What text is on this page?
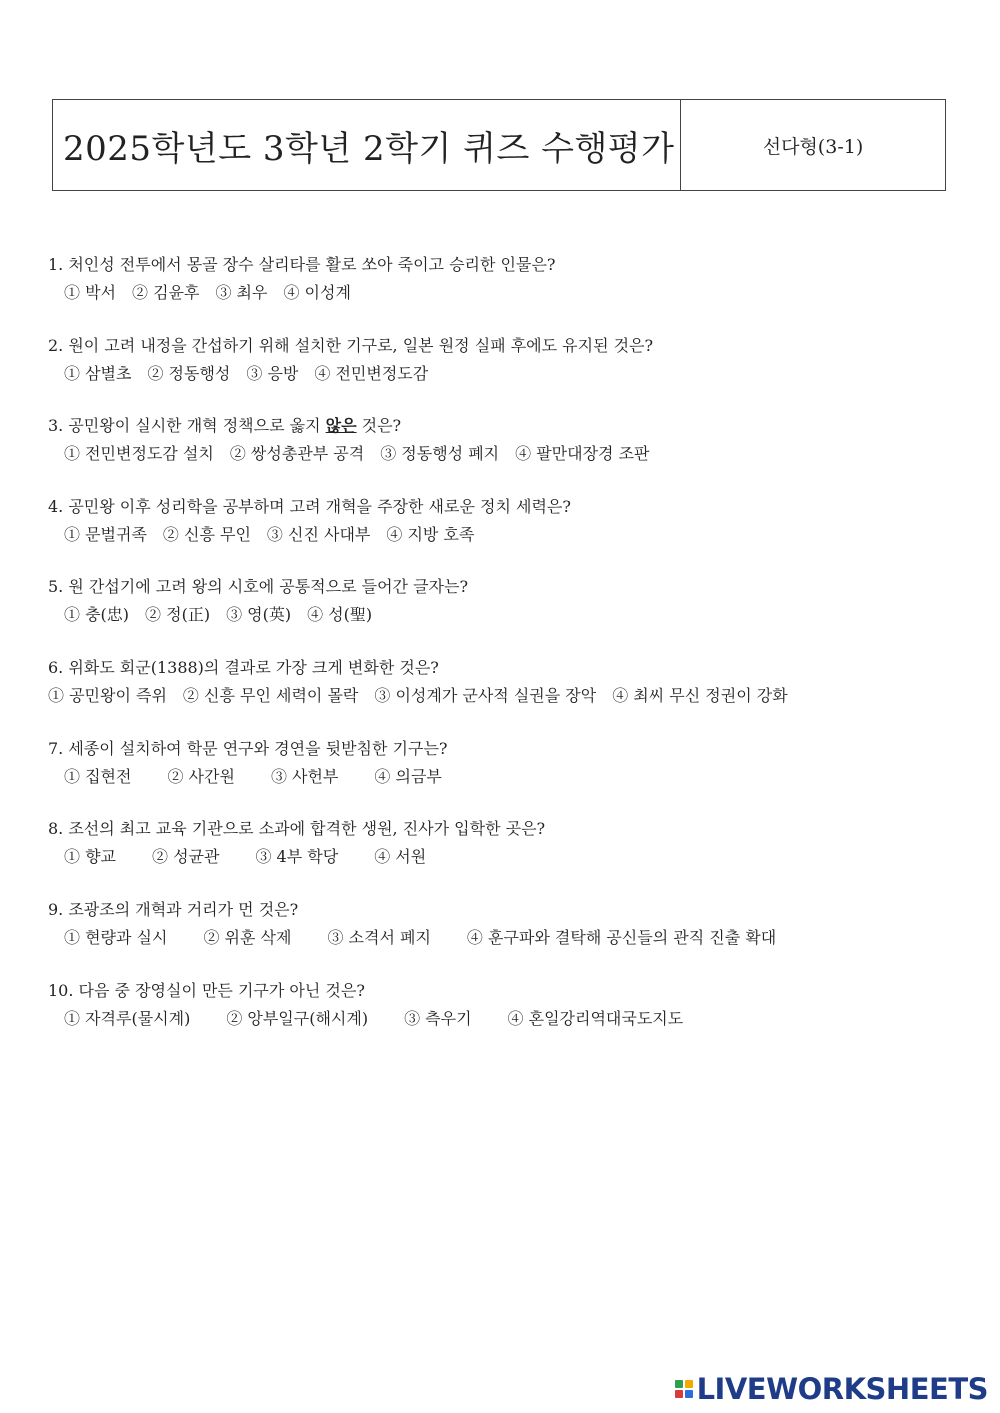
2025학년도 3학년 2학기 퀴즈 수행평가	선다형(3-1)
1. 처인성 전투에서 몽골 장수 살리타를 활로 쏘아 죽이고 승리한 인물은?
① 박서 ② 김윤후 ③ 최우 ④ 이성계
2. 원이 고려 내정을 간섭하기 위해 설치한 기구로, 일본 원정 실패 후에도 유지된 것은?
① 삼별초 ② 정동행성 ③ 응방 ④ 전민변정도감
3. 공민왕이 실시한 개혁 정책으로 옳지 않은 것은?
① 전민변정도감 설치 ② 쌍성총관부 공격 ③ 정동행성 폐지 ④ 팔만대장경 조판
4. 공민왕 이후 성리학을 공부하며 고려 개혁을 주장한 새로운 정치 세력은?
① 문벌귀족 ② 신흥 무인 ③ 신진 사대부 ④ 지방 호족
5. 원 간섭기에 고려 왕의 시호에 공통적으로 들어간 글자는?
① 충(忠) ② 정(正) ③ 영(英) ④ 성(聖)
6. 위화도 회군(1388)의 결과로 가장 크게 변화한 것은?
① 공민왕이 즉위 ② 신흥 무인 세력이 몰락 ③ 이성계가 군사적 실권을 장악 ④ 최씨 무신 정권이 강화
7. 세종이 설치하여 학문 연구와 경연을 뒷받침한 기구는?
① 집현전 ② 사간원 ③ 사헌부 ④ 의금부
8. 조선의 최고 교육 기관으로 소과에 합격한 생원, 진사가 입학한 곳은?
① 향교 ② 성균관 ③ 4부 학당 ④ 서원
9. 조광조의 개혁과 거리가 먼 것은?
① 현량과 실시 ② 위훈 삭제 ③ 소격서 폐지 ④ 훈구파와 결탁해 공신들의 관직 진출 확대
10. 다음 중 장영실이 만든 기구가 아닌 것은?
① 자격루(물시계) ② 앙부일구(해시계) ③ 측우기 ④ 혼일강리역대국도지도
LIVEWORKSHEETS
